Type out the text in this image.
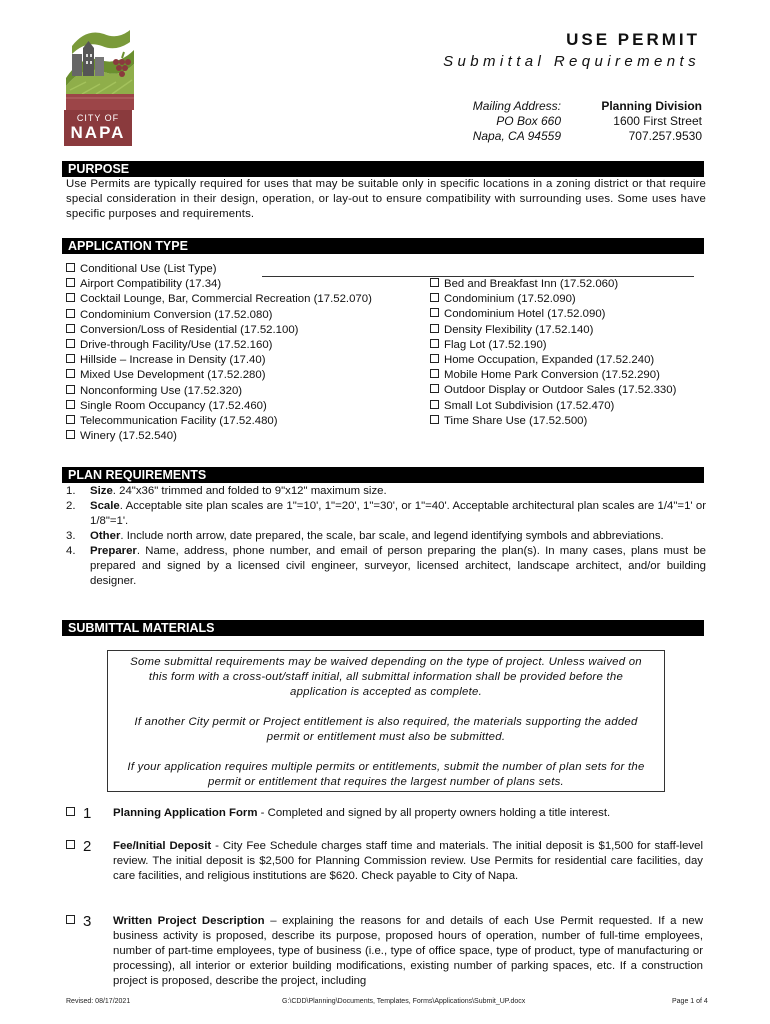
CITY OF
NAPA
USE PERMIT
Submittal Requirements
Mailing Address:
PO Box 660
Napa, CA 94559
Planning Division
1600 First Street
707.257.9530
PURPOSE
Use Permits are typically required for uses that may be suitable only in specific locations in a zoning district or that require special consideration in their design, operation, or lay-out to ensure compatibility with surrounding uses. Some uses have specific purposes and requirements.
APPLICATION TYPE
Conditional Use (List Type)
Airport Compatibility (17.34)
Cocktail Lounge, Bar, Commercial Recreation (17.52.070)
Condominium Conversion (17.52.080)
Conversion/Loss of Residential (17.52.100)
Drive-through Facility/Use (17.52.160)
Hillside – Increase in Density (17.40)
Mixed Use Development (17.52.280)
Nonconforming Use (17.52.320)
Single Room Occupancy (17.52.460)
Telecommunication Facility (17.52.480)
Winery (17.52.540)
Bed and Breakfast Inn (17.52.060)
Condominium (17.52.090)
Condominium Hotel (17.52.090)
Density Flexibility (17.52.140)
Flag Lot (17.52.190)
Home Occupation, Expanded (17.52.240)
Mobile Home Park Conversion (17.52.290)
Outdoor Display or Outdoor Sales (17.52.330)
Small Lot Subdivision (17.52.470)
Time Share Use (17.52.500)
PLAN REQUIREMENTS
1. Size. 24"x36" trimmed and folded to 9"x12" maximum size.
2. Scale. Acceptable site plan scales are 1"=10', 1"=20', 1"=30', or 1"=40'. Acceptable architectural plan scales are 1/4"=1' or 1/8"=1'.
3. Other. Include north arrow, date prepared, the scale, bar scale, and legend identifying symbols and abbreviations.
4. Preparer. Name, address, phone number, and email of person preparing the plan(s). In many cases, plans must be prepared and signed by a licensed civil engineer, surveyor, licensed architect, landscape architect, and/or building designer.
SUBMITTAL MATERIALS

Some submittal requirements may be waived depending on the type of project. Unless waived on this form with a cross-out/staff initial, all submittal information shall be provided before the application is accepted as complete.

If another City permit or Project entitlement is also required, the materials supporting the added permit or entitlement must also be submitted.

If your application requires multiple permits or entitlements, submit the number of plan sets for the permit or entitlement that requires the largest number of plans sets.

1 Planning Application Form - Completed and signed by all property owners holding a title interest.
2 Fee/Initial Deposit - City Fee Schedule charges staff time and materials. The initial deposit is $1,500 for staff-level review. The initial deposit is $2,500 for Planning Commission review. Use Permits for residential care facilities, day care facilities, and religious institutions are $620. Check payable to City of Napa.
3 Written Project Description – explaining the reasons for and details of each Use Permit requested. If a new business activity is proposed, describe its purpose, proposed hours of operation, number of full-time employees, number of part-time employees, type of business (i.e., type of office space, type of product, type of manufacturing or processing), all interior or exterior building modifications, existing number of parking spaces, etc. If a construction project is proposed, describe the project, including
Revised: 08/17/2021	G:\CDD\Planning\Documents, Templates, Forms\Applications\Submit_UP.docx	Page 1 of 4
